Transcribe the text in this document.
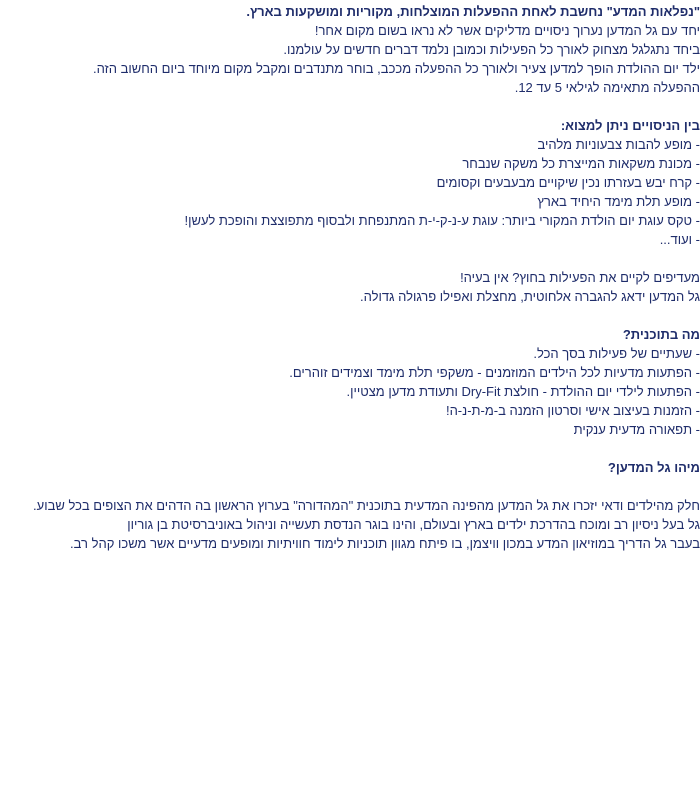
"נפלאות המדע" נחשבת לאחת ההפעלות המוצלחות, מקוריות ומושקעות בארץ.
יחד עם גל המדען נערוך ניסויים מדליקים אשר לא נראו בשום מקום אחר!
ביחד נתגלגל מצחוק לאורך כל הפעילות וכמובן נלמד דברים חדשים על עולמנו.
ילד יום ההולדת הופך למדען צעיר ולאורך כל ההפעלה מככב, בוחר מתנדבים ומקבל מקום מיוחד ביום החשוב הזה.
ההפעלה מתאימה לגילאי 5 עד 12.
בין הניסויים ניתן למצוא:
- מופע להבות צבעוניות מלהיב
- מכונת משקאות המייצרת כל משקה שנבחר
- קרח יבש בעזרתו נכין שיקויים מבעבעים וקסומים
- מופע תלת מימד היחיד בארץ
- טקס עוגת יום הולדת המקורי ביותר: עוגת ע-נ-ק-י-ת המתנפחת ולבסוף מתפוצצת והופכת לעשן!
- ועוד...
מעדיפים לקיים את הפעילות בחוץ? אין בעיה!
גל המדען ידאג להגברה אלחוטית, מחצלת ואפילו פרגולה גדולה.
מה בתוכנית?
- שעתיים של פעילות בסך הכל.
- הפתעות מדעיות לכל הילדים המוזמנים - משקפי תלת מימד וצמידים זוהרים.
- הפתעות לילדי יום ההולדת - חולצת Dry-Fit ותעודת מדען מצטיין.
- הזמנות בעיצוב אישי וסרטון הזמנה ב-מ-ת-נ-ה!
- תפאורה מדעית ענקית
מיהו גל המדען?
חלק מהילדים ודאי יזכרו את גל המדען מהפינה המדעית בתוכנית "המהדורה" בערוץ הראשון בה הדהים את הצופים בכל שבוע.
גל בעל ניסיון רב ומוכח בהדרכת ילדים בארץ ובעולם, והינו בוגר הנדסת תעשייה וניהול באוניברסיטת בן גוריון
בעבר גל הדריך במוזיאון המדע במכון וויצמן, בו פיתח מגוון תוכניות לימוד חוויתיות ומופעים מדעיים אשר משכו קהל רב.
